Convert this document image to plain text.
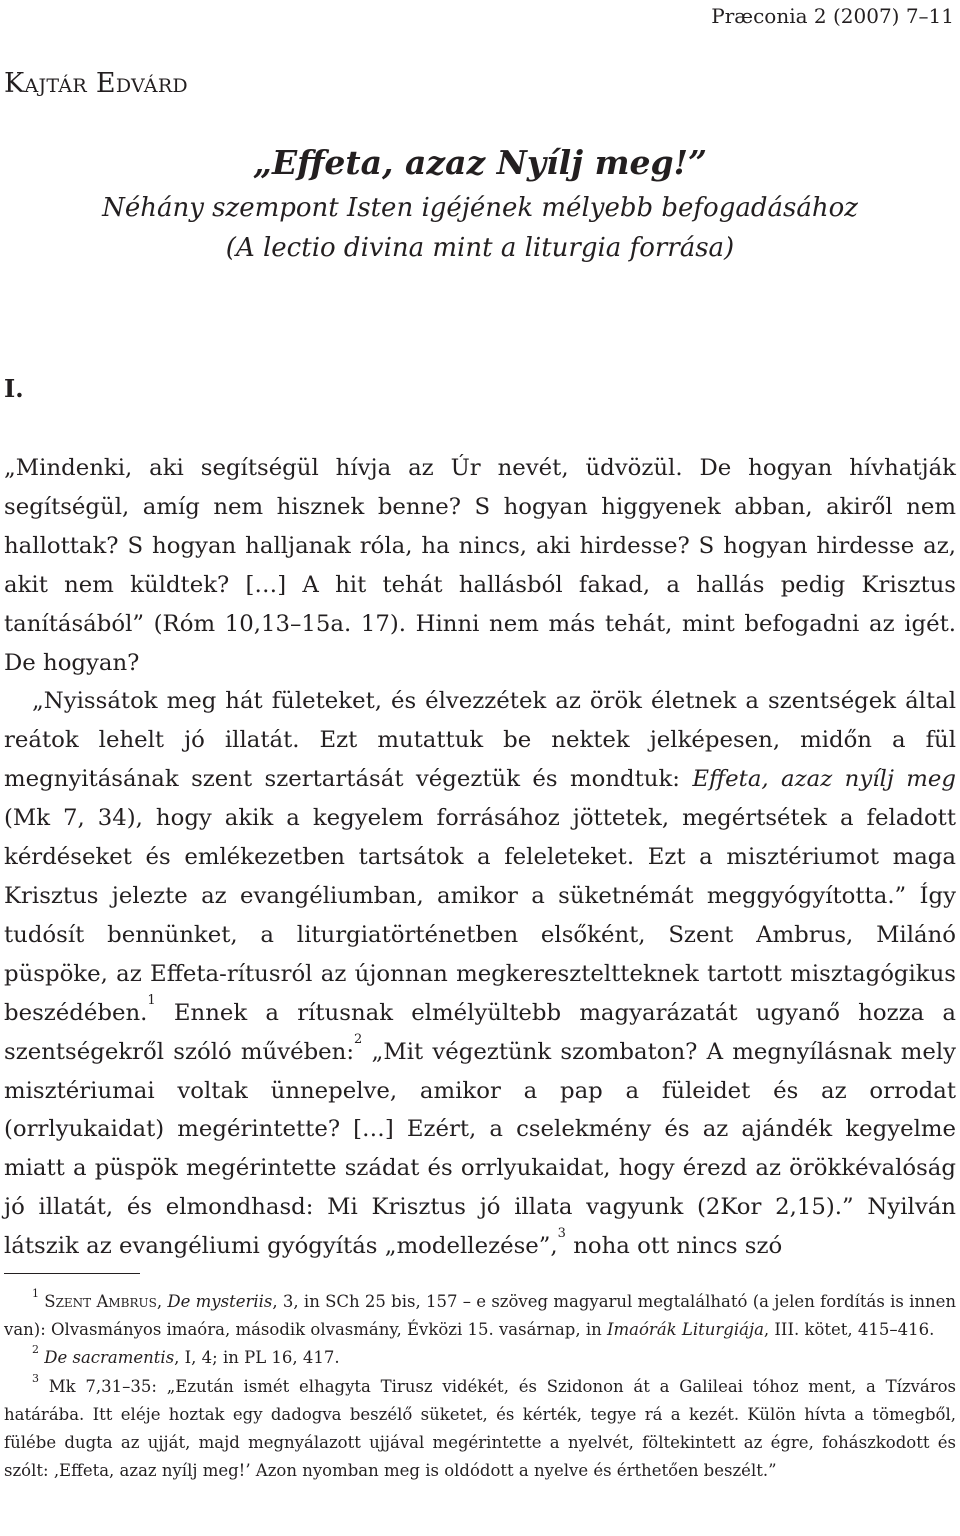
Præconia 2 (2007) 7–11
Kajtár Edvárd
„Effeta, azaz Nyílj meg!”
Néhány szempont Isten igéjének mélyebb befogadásához
(A lectio divina mint a liturgia forrása)
I.

„Mindenki, aki segítségül hívja az Úr nevét, üdvözül. De hogyan hívhatják segítségül, amíg nem hisznek benne? S hogyan higgyenek abban, akiről nem hallottak? S hogyan halljanak róla, ha nincs, aki hirdesse? S hogyan hirdesse az, akit nem küldtek? […] A hit tehát hallásból fakad, a hallás pedig Krisztus tanításából” (Róm 10,13–15a. 17). Hinni nem más tehát, mint befogadni az igét. De hogyan?

„Nyissátok meg hát fületeket, és élvezzétek az örök életnek a szentségek által reátok lehelt jó illatát. Ezt mutattuk be nektek jelképesen, midőn a fül megnyitásának szent szertartását végeztük és mondtuk: Effeta, azaz nyílj meg (Mk 7, 34), hogy akik a kegyelem forrásához jöttetek, megértsétek a feladott kérdéseket és emlékezetben tartsátok a feleleteket. Ezt a misztériumot maga Krisztus jelezte az evangéliumban, amikor a süketnémát meggyógyította.” Így tudósít bennünket, a liturgiatörténetben elsőként, Szent Ambrus, Milánó püspöke, az Effeta-rítusról az újonnan megkereszteltteknek tartott misztagógikus beszédében.$^1$ Ennek a rítusnak elmélyültebb magyarázatát ugyanő hozza a szentségekről szóló művében:$^2$ „Mit végeztünk szombaton? A megnyílásnak mely misztériumai voltak ünnepelve, amikor a pap a füleidet és az orrodat (orrlyukaidat) megérintette? […] Ezért, a cselekmény és az ajándék kegyelme miatt a püspök megérintette szádat és orrlyukaidat, hogy érezd az örökkévalóság jó illatát, és elmondhasd: Mi Krisztus jó illata vagyunk (2Kor 2,15).” Nyilván látszik az evangéliumi gyógyítás „modellezése”,$^3$ noha ott nincs szó

$^1$ Szent Ambrus, De mysteriis, 3, in SCh 25 bis, 157 – e szöveg magyarul megtalálható (a jelen fordítás is innen van): Olvasmányos imaóra, második olvasmány, Évközi 15. vasárnap, in Imaórák Liturgiája, III. kötet, 415–416.

$^2$ De sacramentis, I, 4; in PL 16, 417.

$^3$ Mk 7,31–35: „Ezután ismét elhagyta Tirusz vidékét, és Szidonon át a Galileai tóhoz ment, a Tízváros határába. Itt eléje hoztak egy dadogva beszélő süketet, és kérték, tegye rá a kezét. Külön hívta a tömegből, fülébe dugta az ujját, majd megnyálazott ujjával megérintette a nyelvét, föltekintett az égre, fohászkodott és szólt: ‚Effeta, azaz nyílj meg!’ Azon nyomban meg is oldódott a nyelve és érthetően beszélt.”
